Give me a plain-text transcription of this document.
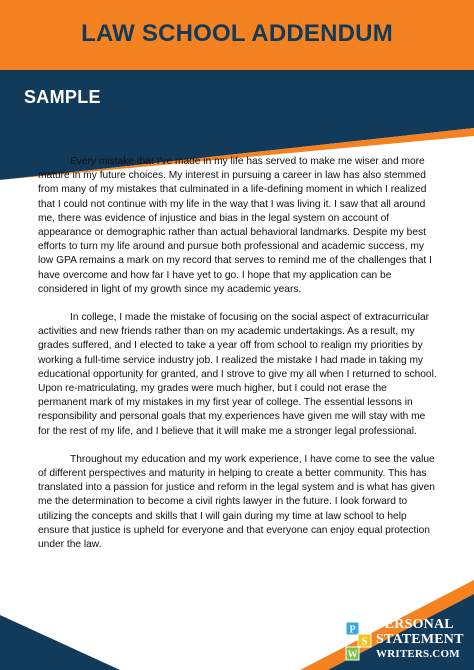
LAW SCHOOL ADDENDUM
SAMPLE

Every mistake that I've made in my life has served to make me wiser and more mature in my future choices. My interest in pursuing a career in law has also stemmed from many of my mistakes that culminated in a life-defining moment in which I realized that I could not continue with my life in the way that I was living it. I saw that all around me, there was evidence of injustice and bias in the legal system on account of appearance or demographic rather than actual behavioral landmarks. Despite my best efforts to turn my life around and pursue both professional and academic success, my low GPA remains a mark on my record that serves to remind me of the challenges that I have overcome and how far I have yet to go. I hope that my application can be considered in light of my growth since my academic years.

In college, I made the mistake of focusing on the social aspect of extracurricular activities and new friends rather than on my academic undertakings. As a result, my grades suffered, and I elected to take a year off from school to realign my priorities by working a full-time service industry job. I realized the mistake I had made in taking my educational opportunity for granted, and I strove to give my all when I returned to school. Upon re-matriculating, my grades were much higher, but I could not erase the permanent mark of my mistakes in my first year of college. The essential lessons in responsibility and personal goals that my experiences have given me will stay with me for the rest of my life, and I believe that it will make me a stronger legal professional.

Throughout my education and my work experience, I have come to see the value of different perspectives and maturity in helping to create a better community. This has translated into a passion for justice and reform in the legal system and is what has given me the determination to become a civil rights lawyer in the future. I look forward to utilizing the concepts and skills that I will gain during my time at law school to help ensure that justice is upheld for everyone and that everyone can enjoy equal protection under the law.

P
S
W
PERSONAL
STATEMENT
WRITERS.COM
